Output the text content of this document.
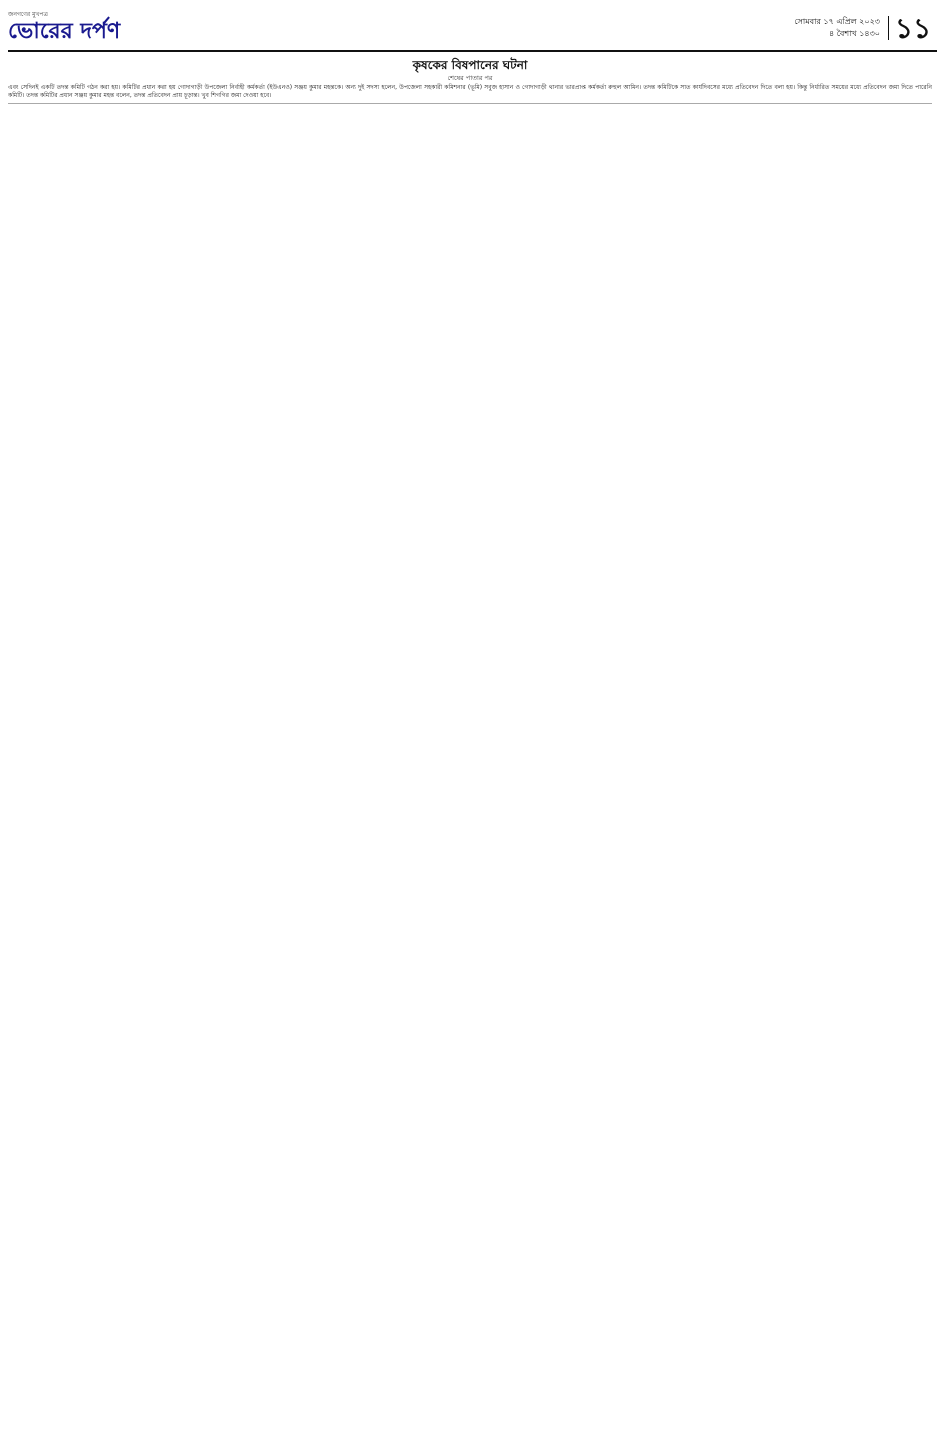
জনগণের মুখপত্র
ভোরের দর্পণ	সোমবার ১৭ এপ্রিল ২০২৩
৪ বৈশাখ ১৪৩০ ১১
কৃষকের বিষপানের ঘটনা
শেষের পাতার পর
এবং সেদিনই একটি তদন্ত কমিটি গঠন করা হয়। কমিটির প্রধান করা হয় গোদাগাড়ী উপজেলা নির্বাহী কর্মকর্তা (ইউএনও) সঞ্জয় কুমার মহন্তকে। অন্য দুই সদস্য হলেন, উপজেলা সহকারী কমিশনার (ভূমি) সবুজ হাসান ও গোদাগাড়ী থানার ভারপ্রাপ্ত কর্মকর্তা রুহুল আমিন। তদন্ত কমিটিকে সাত কার্যদিবসের মধ্যে প্রতিবেদন দিতে বলা হয়। কিন্তু নির্ধারিত সময়ের মধ্যে প্রতিবেদন জমা দিতে পারেনি কমিটি। তদন্ত কমিটির প্রধান সঞ্জয় কুমার মহন্ত বলেন, তদন্ত প্রতিবেদন প্রায় চূড়ান্ত। খুব শিগগির জমা দেওয়া হবে।
